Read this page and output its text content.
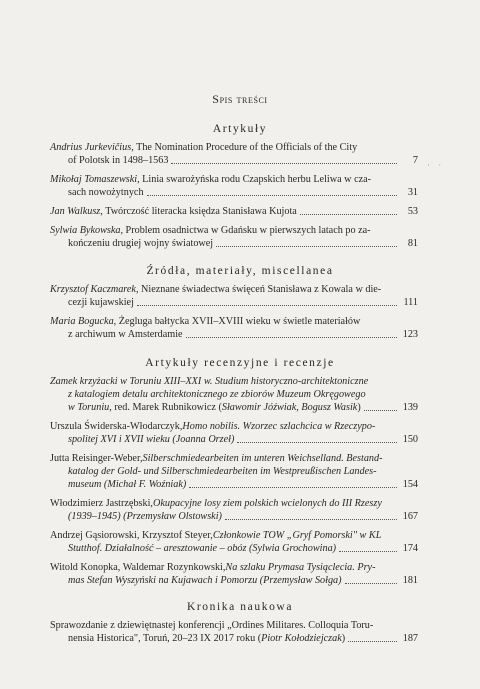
Spis treści
Artykuły
Andrius Jurkevičius , The Nomination Procedure of the Officials of the City
of Polotsk in 1498–1563	7 · ·
Mikołaj Tomaszewski , Linia swarożyńska rodu Czapskich herbu Leliwa w cza-
sach nowożytnych	31
Jan Walkusz , Twórczość literacka księdza Stanisława Kujota	53
Sylwia Bykowska , Problem osadnictwa w Gdańsku w pierwszych latach po za-
kończeniu drugiej wojny światowej	81
Źródła, materiały, miscellanea
Krzysztof Kaczmarek , Nieznane świadectwa święceń Stanisława z Kowala w die-
cezji kujawskiej	111
Maria Bogucka , Żegluga bałtycka XVII–XVIII wieku w świetle materiałów
z archiwum w Amsterdamie	123
Artykuły recenzyjne i recenzje
Zamek krzyżacki w Toruniu XIII–XXI w. Studium historyczno-architektoniczne
z katalogiem detalu architektonicznego ze zbiorów Muzeum Okręgowego
w Toruniu , red. Marek Rubnikowicz ( Sławomir Jóźwiak, Bogusz Wasik )	139
Urszula Świderska-Włodarczyk, Homo nobilis. Wzorzec szlachcica w Rzeczypo-
spolitej XVI i XVII wieku (Joanna Orzeł)	150
Jutta Reisinger-Weber, Silberschmiedearbeiten im unteren Weichselland. Bestand-
katalog der Gold- und Silberschmiedearbeiten im Westpreußischen Landes-
museum (Michał F. Woźniak)	154
Włodzimierz Jastrzębski, Okupacyjne losy ziem polskich wcielonych do III Rzeszy
(1939–1945) (Przemysław Olstowski)	167
Andrzej Gąsiorowski, Krzysztof Steyer, Członkowie TOW „Gryf Pomorski" w KL
Stutthof. Działalność – aresztowanie – obóz (Sylwia Grochowina)	174
Witold Konopka, Waldemar Rozynkowski, Na szlaku Prymasa Tysiąclecia. Pry-
mas Stefan Wyszyński na Kujawach i Pomorzu (Przemysław Sołga)	181
Kronika naukowa
Sprawozdanie z dziewiętnastej konferencji „Ordines Militares. Colloquia Toru-
nensia Historica", Toruń, 20–23 IX 2017 roku ( Piotr Kołodziejczak )	187
